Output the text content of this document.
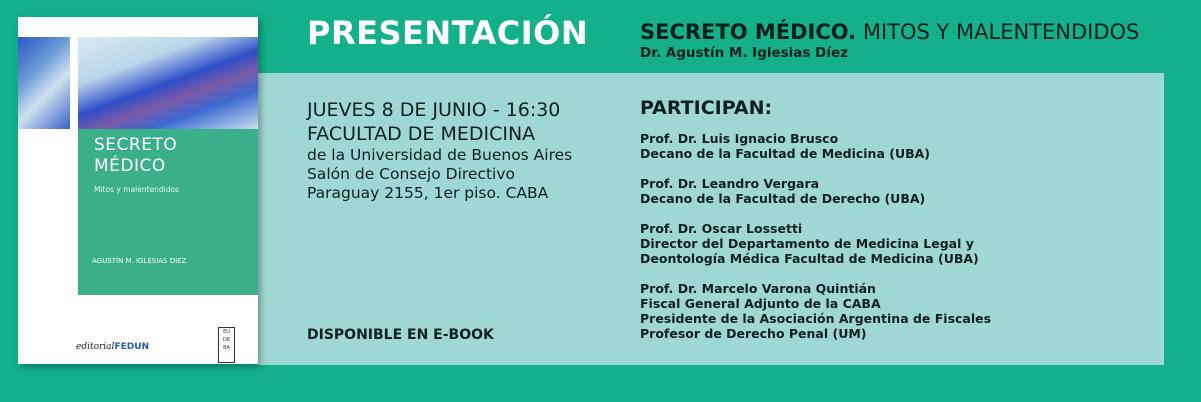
SECRETO
MÉDICO
Mitos y malentendidos
AGUSTÍN M. IGLESIAS DIEZ
editorialFEDUN
EU DE BA
PRESENTACIÓN SECRETO MÉDICO. MITOS Y MALENTENDIDOS
Dr. Agustín M. Iglesias Díez
JUEVES 8 DE JUNIO - 16:30
FACULTAD DE MEDICINA
de la Universidad de Buenos Aires
Salón de Consejo Directivo
Paraguay 2155, 1er piso. CABA
DISPONIBLE EN E-BOOK
PARTICIPAN:
Prof. Dr. Luis Ignacio Brusco
Decano de la Facultad de Medicina (UBA)
Prof. Dr. Leandro Vergara
Decano de la Facultad de Derecho (UBA)
Prof. Dr. Oscar Lossetti
Director del Departamento de Medicina Legal y
Deontología Médica Facultad de Medicina (UBA)
Prof. Dr. Marcelo Varona Quintián
Fiscal General Adjunto de la CABA
Presidente de la Asociación Argentina de Fiscales
Profesor de Derecho Penal (UM)
